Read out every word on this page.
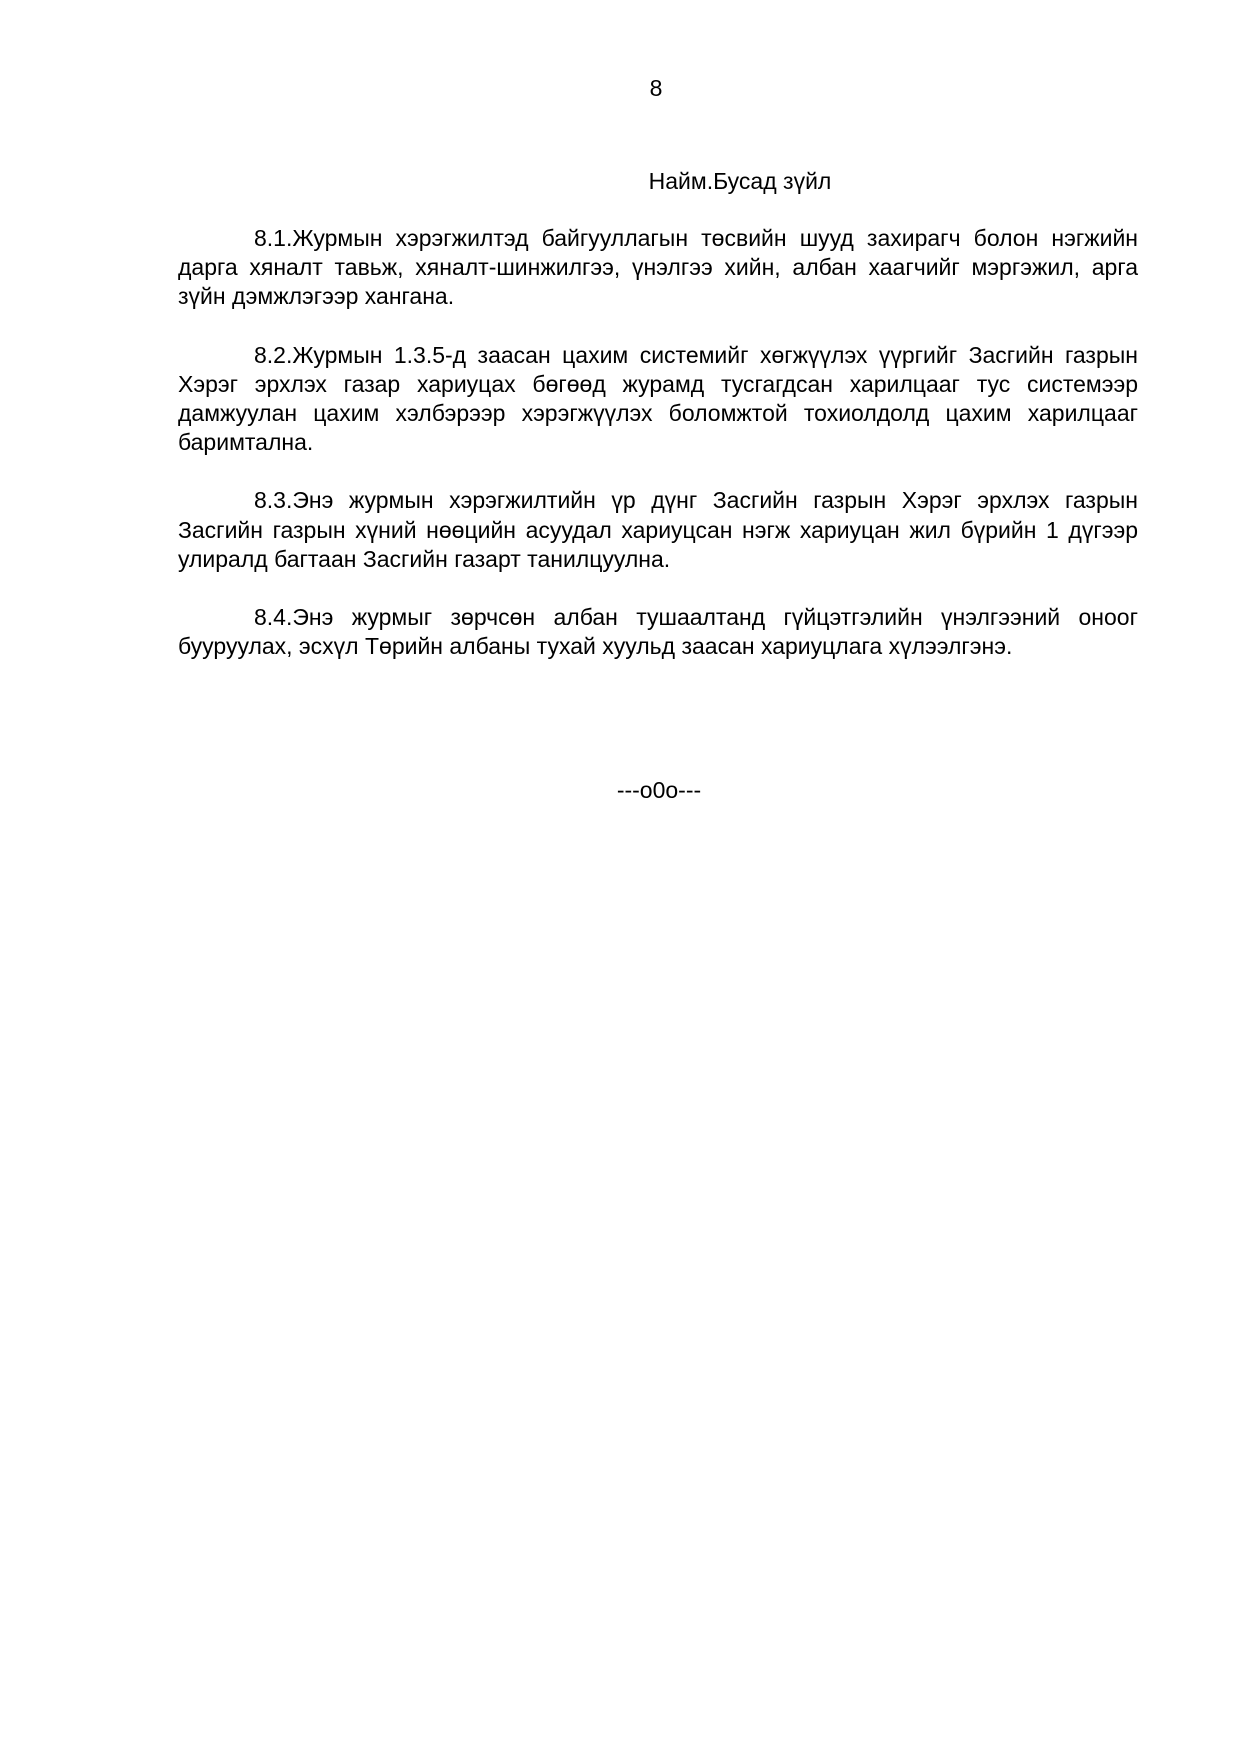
8
Найм.Бусад зүйл

8.1.Журмын хэрэгжилтэд байгууллагын төсвийн шууд захирагч болон нэгжийн дарга хяналт тавьж, хяналт-шинжилгээ, үнэлгээ хийн, албан хаагчийг мэргэжил, арга зүйн дэмжлэгээр хангана.

8.2.Журмын 1.3.5-д заасан цахим системийг хөгжүүлэх үүргийг Засгийн газрын Хэрэг эрхлэх газар хариуцах бөгөөд журамд тусгагдсан харилцааг тус системээр дамжуулан цахим хэлбэрээр хэрэгжүүлэх боломжтой тохиолдолд цахим харилцааг баримтална.

8.3.Энэ журмын хэрэгжилтийн үр дүнг Засгийн газрын Хэрэг эрхлэх газрын Засгийн газрын хүний нөөцийн асуудал хариуцсан нэгж хариуцан жил бүрийн 1 дүгээр улиралд багтаан Засгийн газарт танилцуулна.

8.4.Энэ журмыг зөрчсөн албан тушаалтанд гүйцэтгэлийн үнэлгээний оноог бууруулах, эсхүл Төрийн албаны тухай хуульд заасан хариуцлага хүлээлгэнэ.

---o0o---
